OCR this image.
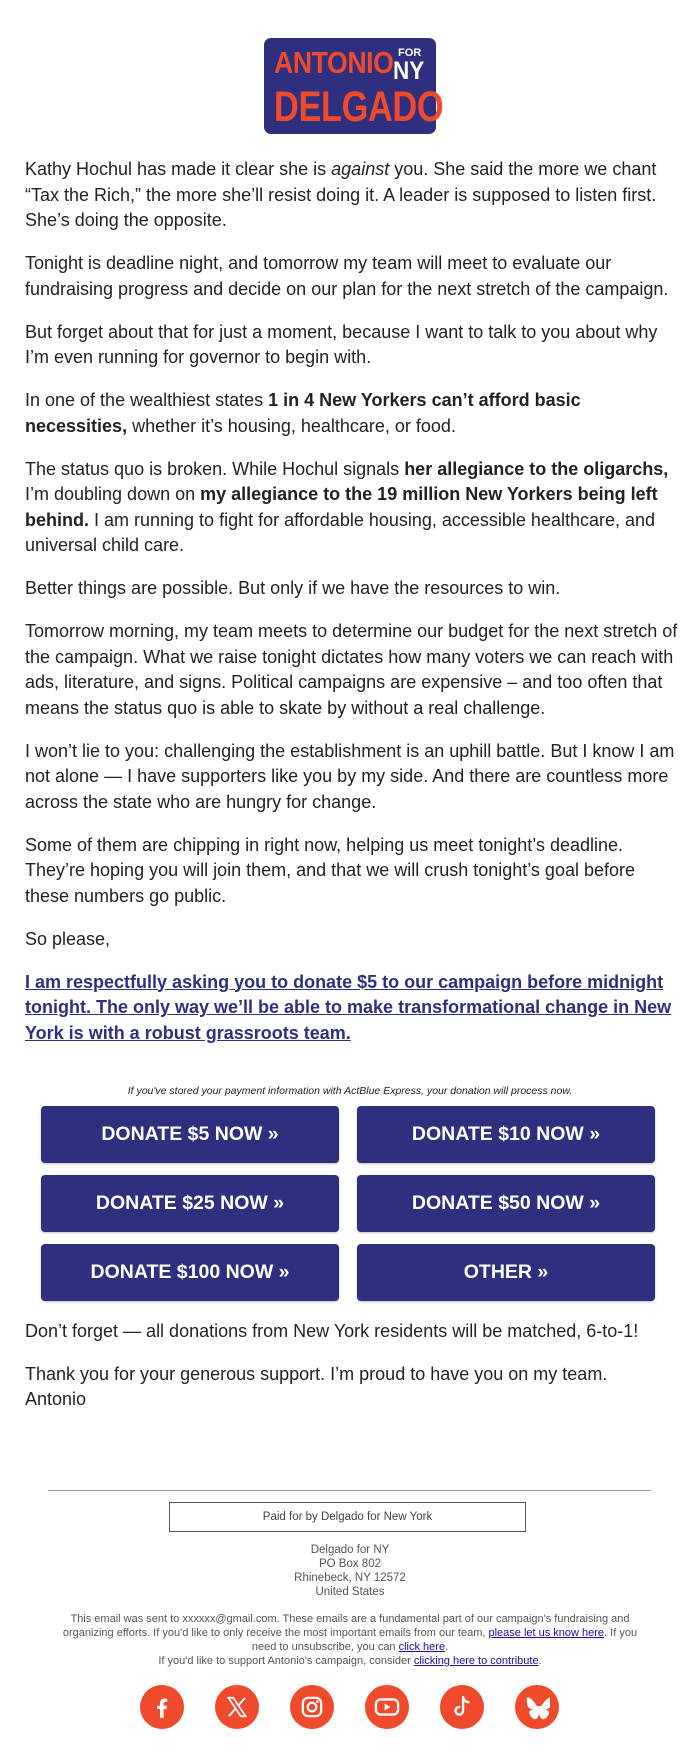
ANTONIO FOR
NY
DELGADO

Kathy Hochul has made it clear she is against you. She said the more we chant “Tax the Rich,” the more she’ll resist doing it. A leader is supposed to listen first. She’s doing the opposite.

Tonight is deadline night, and tomorrow my team will meet to evaluate our fundraising progress and decide on our plan for the next stretch of the campaign.

But forget about that for just a moment, because I want to talk to you about why I’m even running for governor to begin with.

In one of the wealthiest states 1 in 4 New Yorkers can’t afford basic necessities, whether it’s housing, healthcare, or food.

The status quo is broken. While Hochul signals her allegiance to the oligarchs, I’m doubling down on my allegiance to the 19 million New Yorkers being left behind. I am running to fight for affordable housing, accessible healthcare, and universal child care.

Better things are possible. But only if we have the resources to win.

Tomorrow morning, my team meets to determine our budget for the next stretch of the campaign. What we raise tonight dictates how many voters we can reach with ads, literature, and signs. Political campaigns are expensive – and too often that means the status quo is able to skate by without a real challenge.

I won’t lie to you: challenging the establishment is an uphill battle. But I know I am not alone — I have supporters like you by my side. And there are countless more across the state who are hungry for change.

Some of them are chipping in right now, helping us meet tonight’s deadline. They’re hoping you will join them, and that we will crush tonight’s goal before these numbers go public.

So please,

I am respectfully asking you to donate $5 to our campaign before midnight tonight. The only way we’ll be able to make transformational change in New York is with a robust grassroots team.

If you've stored your payment information with ActBlue Express, your donation will process now.
DONATE $5 NOW »	DONATE $10 NOW »
DONATE $25 NOW »	DONATE $50 NOW »
DONATE $100 NOW »	OTHER »

Don’t forget — all donations from New York residents will be matched, 6-to-1!

Thank you for your generous support. I’m proud to have you on my team.
Antonio

Paid for by Delgado for New York
Delgado for NY
PO Box 802
Rhinebeck, NY 12572
United States
This email was sent to xxxxxx@gmail.com. These emails are a fundamental part of our campaign's fundraising and organizing efforts. If you'd like to only receive the most important emails from our team, please let us know here. If you need to unsubscribe, you can click here.
If you'd like to support Antonio's campaign, consider clicking here to contribute.
